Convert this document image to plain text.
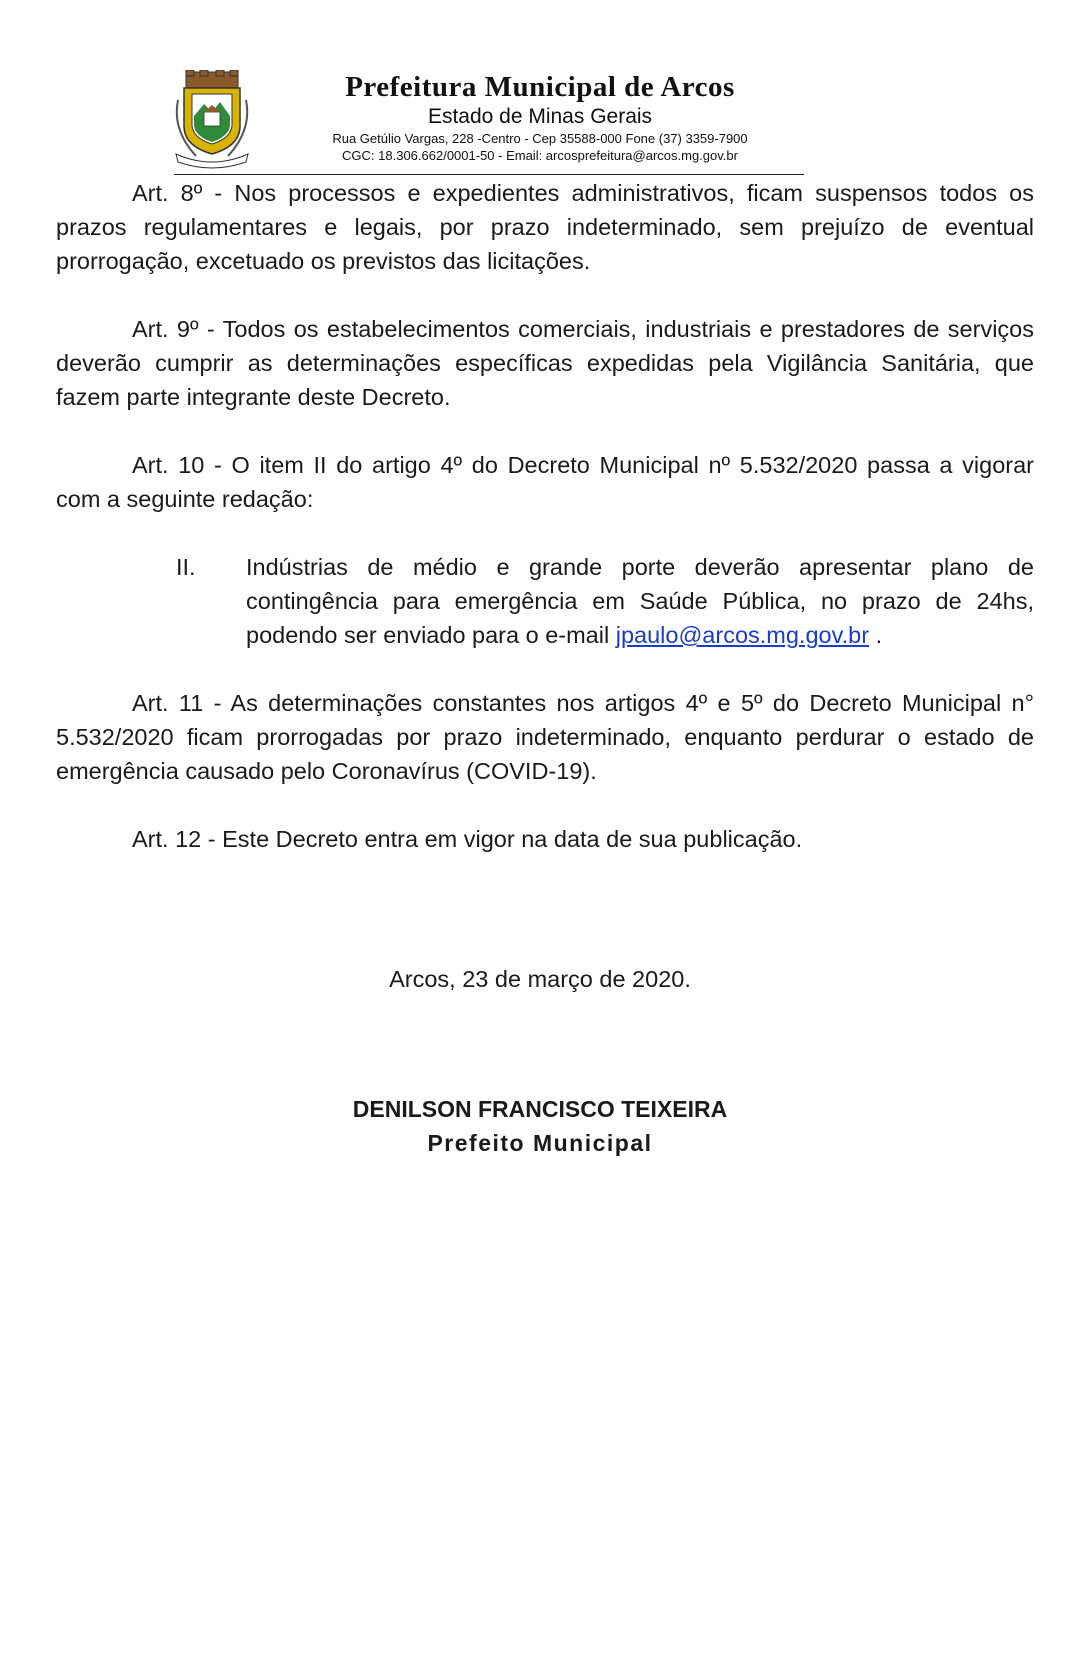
Prefeitura Municipal de Arcos
Estado de Minas Gerais
Rua Getúlio Vargas, 228 -Centro - Cep 35588-000 Fone (37) 3359-7900
CGC: 18.306.662/0001-50 - Email: arcosprefeitura@arcos.mg.gov.br

Art. 8º - Nos processos e expedientes administrativos, ficam suspensos todos os prazos regulamentares e legais, por prazo indeterminado, sem prejuízo de eventual prorrogação, excetuado os previstos das licitações.

Art. 9º - Todos os estabelecimentos comerciais, industriais e prestadores de serviços deverão cumprir as determinações específicas expedidas pela Vigilância Sanitária, que fazem parte integrante deste Decreto.

Art. 10 - O item II do artigo 4º do Decreto Municipal nº 5.532/2020 passa a vigorar com a seguinte redação:

II.	Indústrias de médio e grande porte deverão apresentar plano de contingência para emergência em Saúde Pública, no prazo de 24hs, podendo ser enviado para o e-mail jpaulo@arcos.mg.gov.br .

Art. 11 - As determinações constantes nos artigos 4º e 5º do Decreto Municipal n° 5.532/2020 ficam prorrogadas por prazo indeterminado, enquanto perdurar o estado de emergência causado pelo Coronavírus (COVID-19).

Art. 12 - Este Decreto entra em vigor na data de sua publicação.

Arcos, 23 de março de 2020.
DENILSON FRANCISCO TEIXEIRA
Prefeito Municipal
